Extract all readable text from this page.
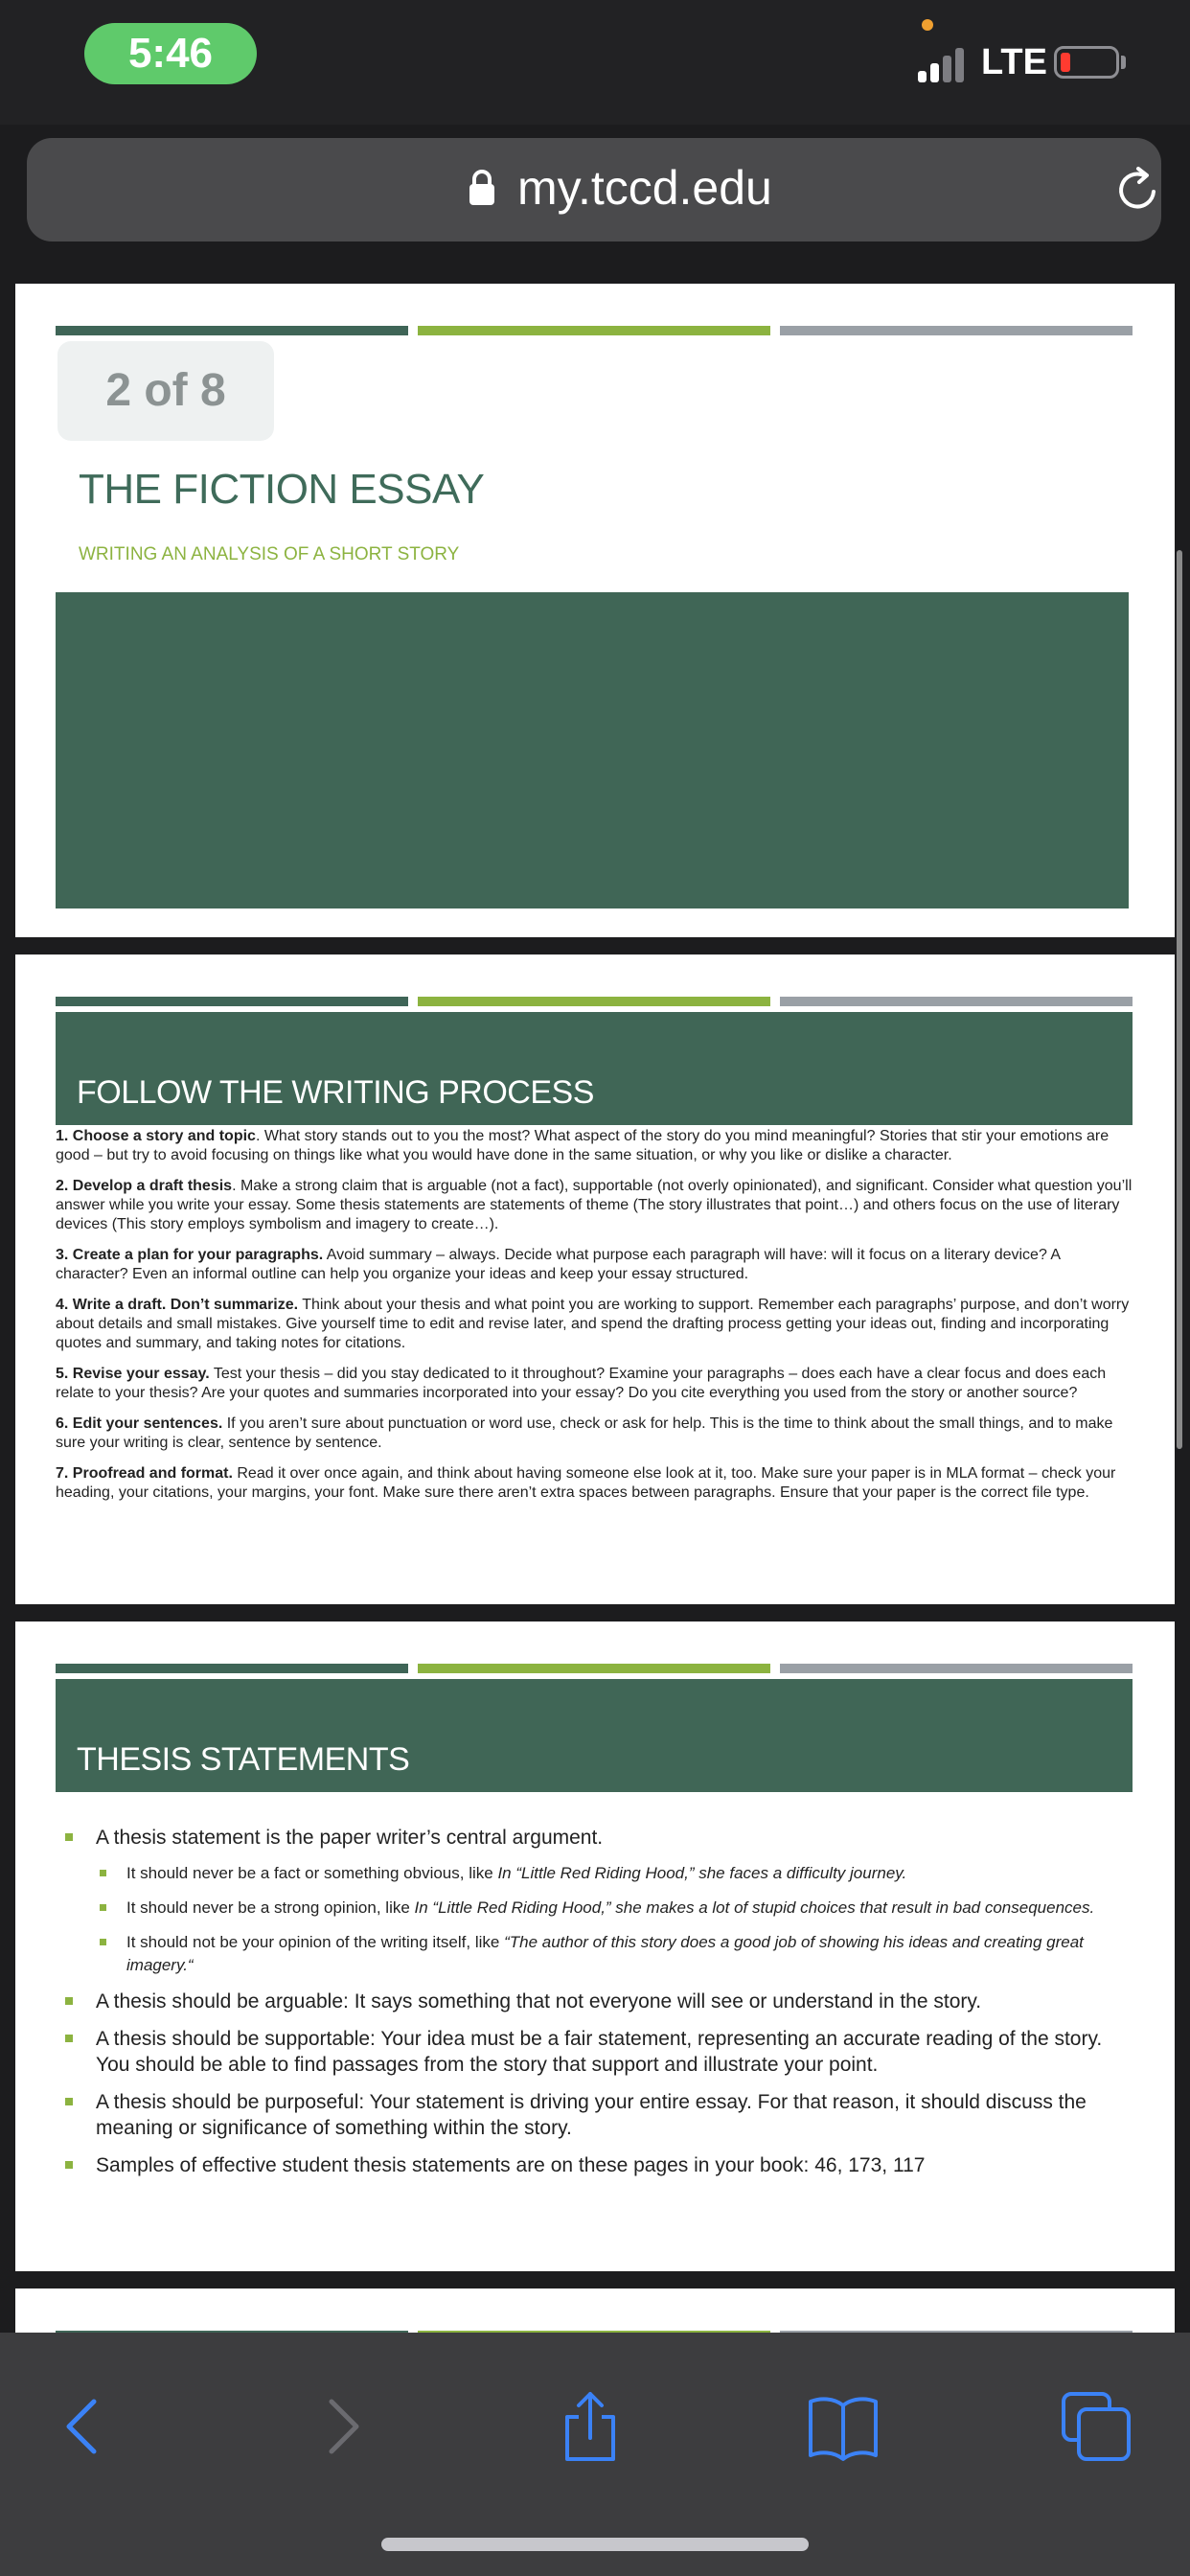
5:46	LTE
my.tccd.edu
2 of 8
THE FICTION ESSAY
WRITING AN ANALYSIS OF A SHORT STORY
FOLLOW THE WRITING PROCESS

1. Choose a story and topic. What story stands out to you the most? What aspect of the story do you mind meaningful? Stories that stir your emotions are good – but try to avoid focusing on things like what you would have done in the same situation, or why you like or dislike a character.

2. Develop a draft thesis. Make a strong claim that is arguable (not a fact), supportable (not overly opinionated), and significant. Consider what question you’ll answer while you write your essay. Some thesis statements are statements of theme (The story illustrates that point…) and others focus on the use of literary devices (This story employs symbolism and imagery to create…).

3. Create a plan for your paragraphs. Avoid summary – always. Decide what purpose each paragraph will have: will it focus on a literary device? A character? Even an informal outline can help you organize your ideas and keep your essay structured.

4. Write a draft. Don’t summarize. Think about your thesis and what point you are working to support. Remember each paragraphs’ purpose, and don’t worry about details and small mistakes. Give yourself time to edit and revise later, and spend the drafting process getting your ideas out, finding and incorporating quotes and summary, and taking notes for citations.

5. Revise your essay. Test your thesis – did you stay dedicated to it throughout? Examine your paragraphs – does each have a clear focus and does each relate to your thesis? Are your quotes and summaries incorporated into your essay? Do you cite everything you used from the story or another source?

6. Edit your sentences. If you aren’t sure about punctuation or word use, check or ask for help. This is the time to think about the small things, and to make sure your writing is clear, sentence by sentence.

7. Proofread and format. Read it over once again, and think about having someone else look at it, too. Make sure your paper is in MLA format – check your heading, your citations, your margins, your font. Make sure there aren’t extra spaces between paragraphs. Ensure that your paper is the correct file type.

THESIS STATEMENTS

A thesis statement is the paper writer’s central argument.

It should never be a fact or something obvious, like In “Little Red Riding Hood,” she faces a difficulty journey.

It should never be a strong opinion, like In “Little Red Riding Hood,” she makes a lot of stupid choices that result in bad consequences.

It should not be your opinion of the writing itself, like “The author of this story does a good job of showing his ideas and creating great imagery.“

A thesis should be arguable: It says something that not everyone will see or understand in the story.

A thesis should be supportable: Your idea must be a fair statement, representing an accurate reading of the story. You should be able to find passages from the story that support and illustrate your point.

A thesis should be purposeful: Your statement is driving your entire essay. For that reason, it should discuss the meaning or significance of something within the story.

Samples of effective student thesis statements are on these pages in your book: 46, 173, 117
